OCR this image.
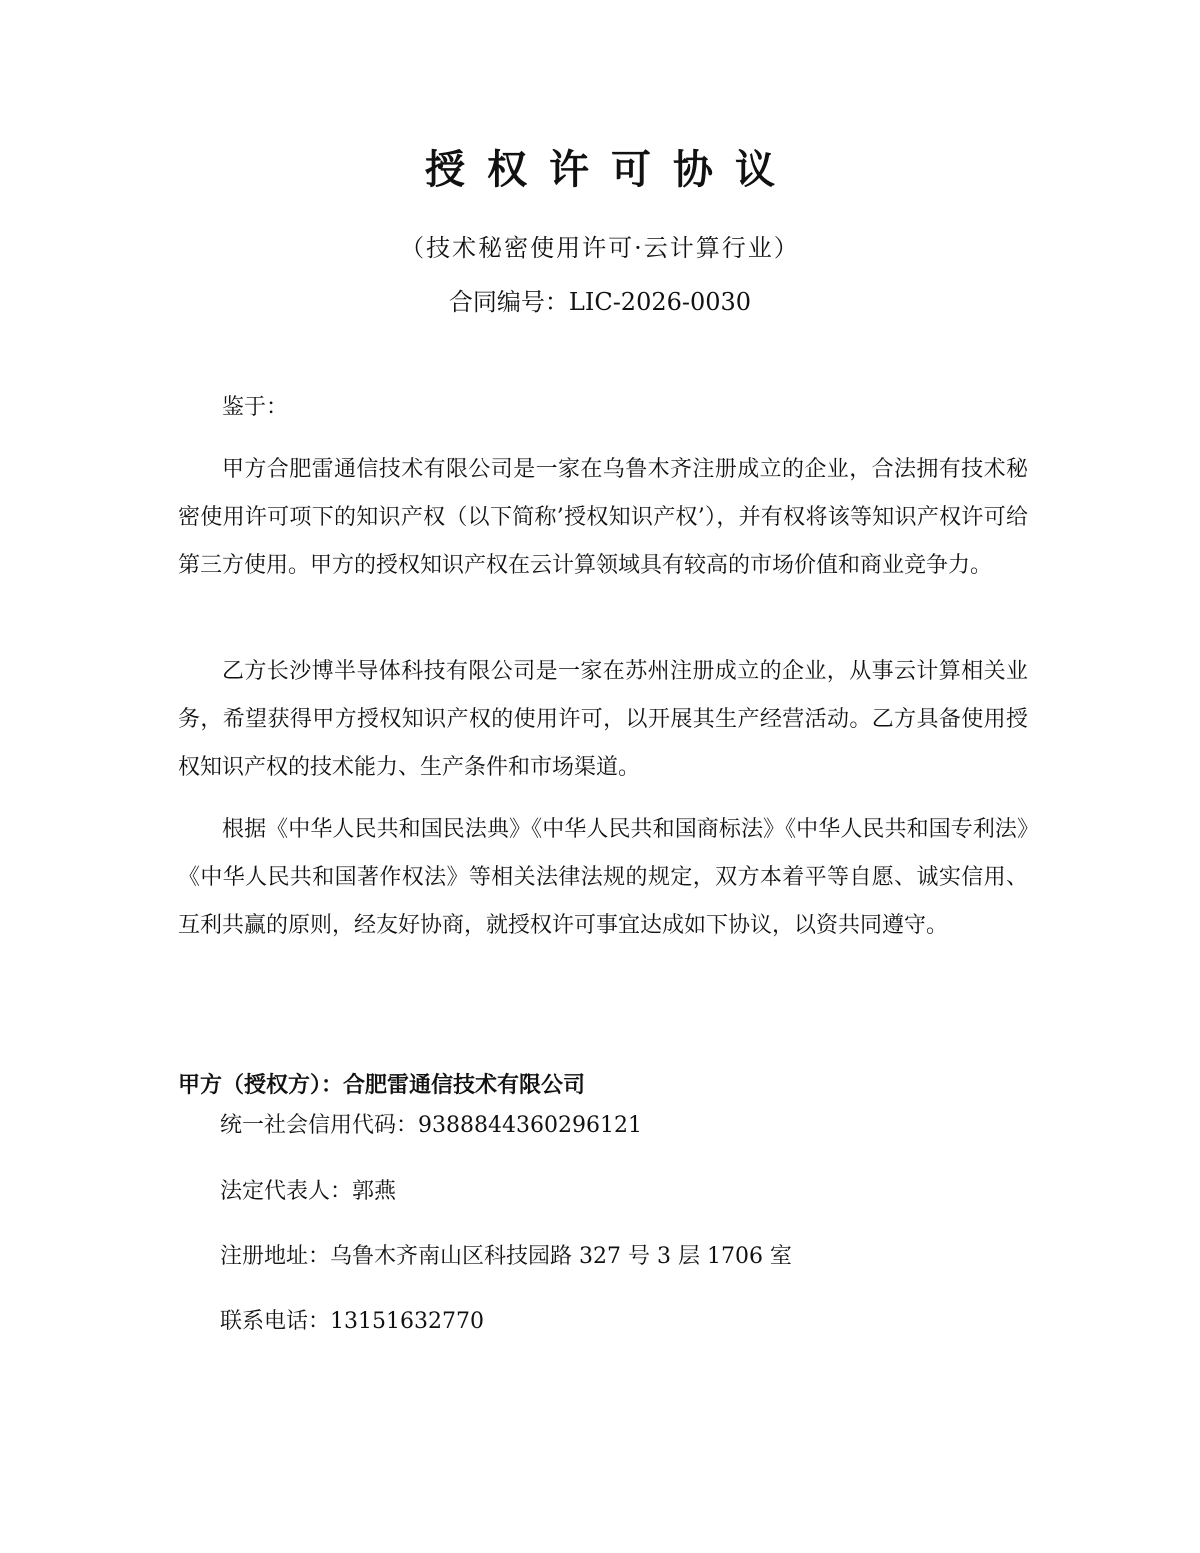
授权许可协议
（技术秘密使用许可·云计算行业）
合同编号：LIC-2026-0030

鉴于：

甲方合肥雷通信技术有限公司是一家在乌鲁木齐注册成立的企业，合法拥有技术秘密使用许可项下的知识产权（以下简称’授权知识产权’），并有权将该等知识产权许可给第三方使用。甲方的授权知识产权在云计算领域具有较高的市场价值和商业竞争力。

乙方长沙博半导体科技有限公司是一家在苏州注册成立的企业，从事云计算相关业务，希望获得甲方授权知识产权的使用许可，以开展其生产经营活动。乙方具备使用授权知识产权的技术能力、生产条件和市场渠道。

根据《中华人民共和国民法典》《中华人民共和国商标法》《中华人民共和国专利法》《中华人民共和国著作权法》等相关法律法规的规定，双方本着平等自愿、诚实信用、互利共赢的原则，经友好协商，就授权许可事宜达成如下协议，以资共同遵守。

甲方（授权方）：合肥雷通信技术有限公司
统一社会信用代码：9388844360296121
法定代表人：郭燕
注册地址：乌鲁木齐南山区科技园路 327 号 3 层 1706 室
联系电话：13151632770
